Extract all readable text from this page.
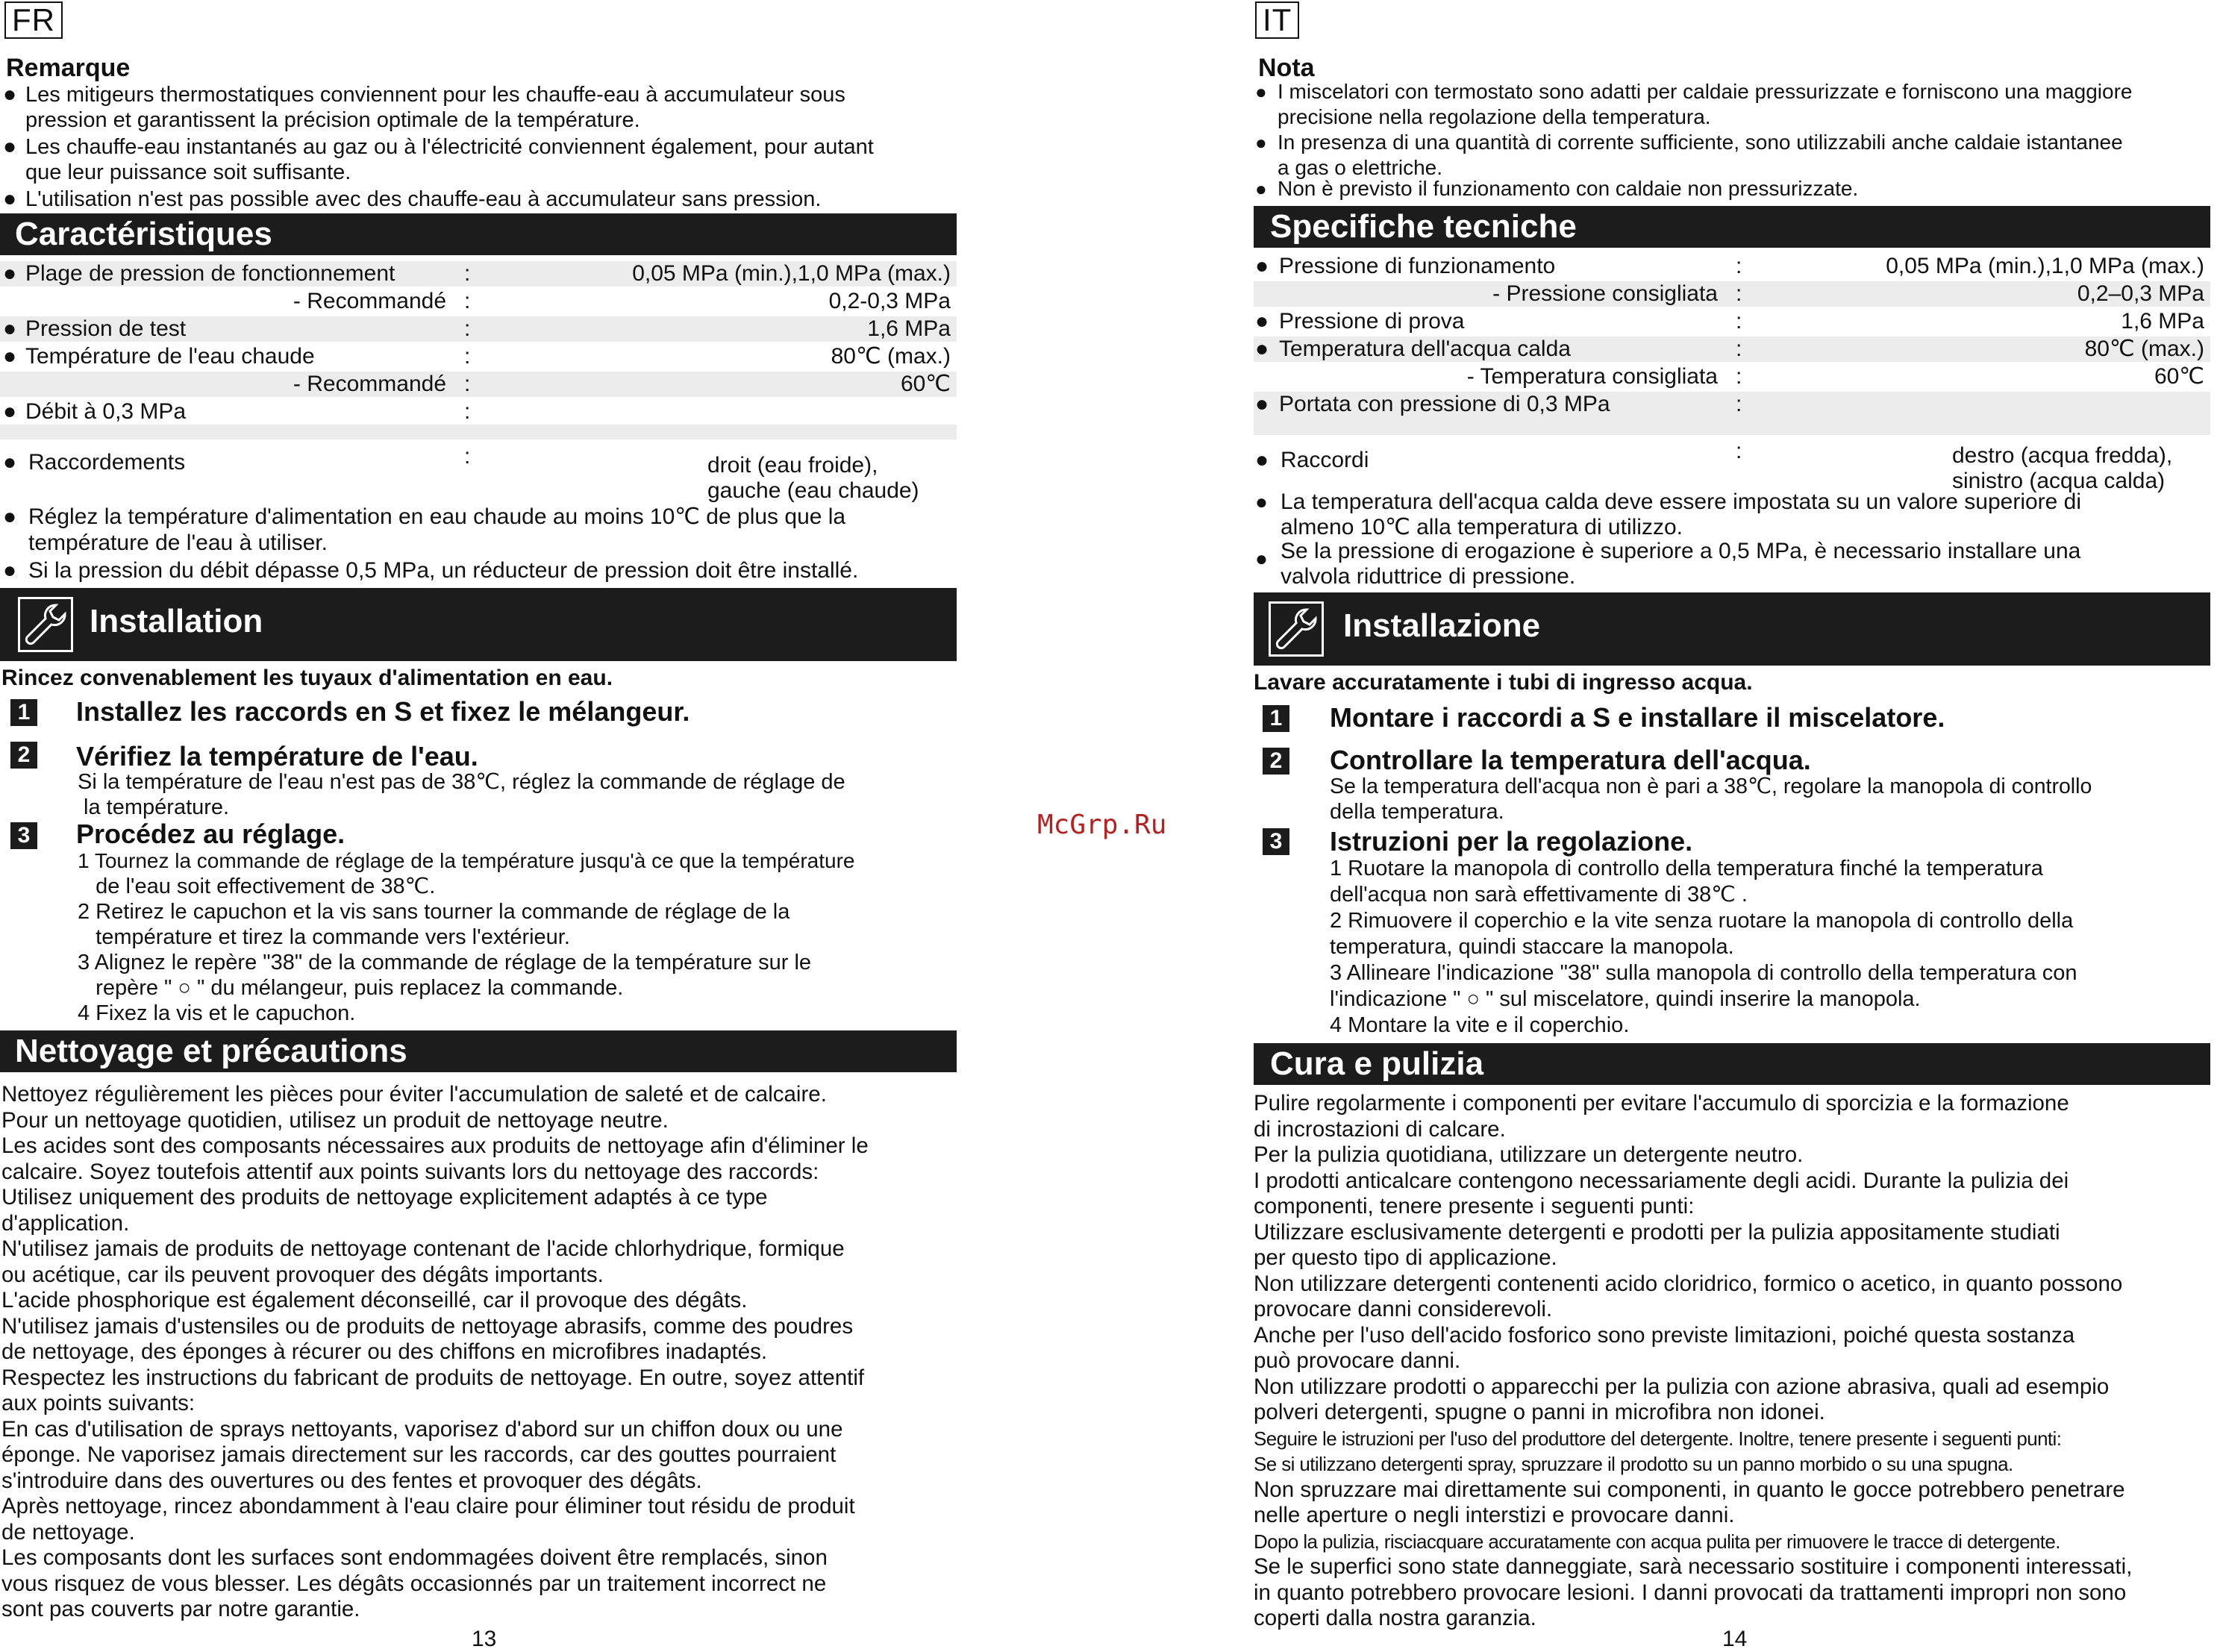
FR
Remarque
● Les mitigeurs thermostatiques conviennent pour les chauffe-eau à accumulateur sous
pression et garantissent la précision optimale de la température.
● Les chauffe-eau instantanés au gaz ou à l'électricité conviennent également, pour autant
que leur puissance soit suffisante.
● L'utilisation n'est pas possible avec des chauffe-eau à accumulateur sans pression.
Caractéristiques
● Plage de pression de fonctionnement	:	0,05 MPa (min.),1,0 MPa (max.)
- Recommandé :	0,2-0,3 MPa
● Pression de test	:	1,6 MPa
● Température de l'eau chaude	:	80℃ (max.)
- Recommandé :	60℃
● Débit à 0,3 MPa	:
● Raccordements	:	droit (eau froide),
gauche (eau chaude)
● Réglez la température d'alimentation en eau chaude au moins 10℃ de plus que la
température de l'eau à utiliser.
● Si la pression du débit dépasse 0,5 MPa, un réducteur de pression doit être installé.
Installation
Rincez convenablement les tuyaux d'alimentation en eau.
1 Installez les raccords en S et fixez le mélangeur.
2 Vérifiez la température de l'eau.
Si la température de l'eau n'est pas de 38℃, réglez la commande de réglage de
la température.
3 Procédez au réglage.
1 Tournez la commande de réglage de la température jusqu'à ce que la température
de l'eau soit effectivement de 38℃.
2 Retirez le capuchon et la vis sans tourner la commande de réglage de la
température et tirez la commande vers l'extérieur.
3 Alignez le repère "38" de la commande de réglage de la température sur le
repère " ○ " du mélangeur, puis replacez la commande.
4 Fixez la vis et le capuchon.
Nettoyage et précautions
Nettoyez régulièrement les pièces pour éviter l'accumulation de saleté et de calcaire.
Pour un nettoyage quotidien, utilisez un produit de nettoyage neutre.
Les acides sont des composants nécessaires aux produits de nettoyage afin d'éliminer le
calcaire. Soyez toutefois attentif aux points suivants lors du nettoyage des raccords:
Utilisez uniquement des produits de nettoyage explicitement adaptés à ce type
d'application.
N'utilisez jamais de produits de nettoyage contenant de l'acide chlorhydrique, formique
ou acétique, car ils peuvent provoquer des dégâts importants.
L'acide phosphorique est également déconseillé, car il provoque des dégâts.
N'utilisez jamais d'ustensiles ou de produits de nettoyage abrasifs, comme des poudres
de nettoyage, des éponges à récurer ou des chiffons en microfibres inadaptés.
Respectez les instructions du fabricant de produits de nettoyage. En outre, soyez attentif
aux points suivants:
En cas d'utilisation de sprays nettoyants, vaporisez d'abord sur un chiffon doux ou une
éponge. Ne vaporisez jamais directement sur les raccords, car des gouttes pourraient
s'introduire dans des ouvertures ou des fentes et provoquer des dégâts.
Après nettoyage, rincez abondamment à l'eau claire pour éliminer tout résidu de produit
de nettoyage.
Les composants dont les surfaces sont endommagées doivent être remplacés, sinon
vous risquez de vous blesser. Les dégâts occasionnés par un traitement incorrect ne
sont pas couverts par notre garantie.
13
McGrp.Ru
IT
Nota
● I miscelatori con termostato sono adatti per caldaie pressurizzate e forniscono una maggiore
precisione nella regolazione della temperatura.
● In presenza di una quantità di corrente sufficiente, sono utilizzabili anche caldaie istantanee
a gas o elettriche.
● Non è previsto il funzionamento con caldaie non pressurizzate.
Specifiche tecniche
● Pressione di funzionamento	:	0,05 MPa (min.),1,0 MPa (max.)
- Pressione consigliata :	0,2–0,3 MPa
● Pressione di prova	:	1,6 MPa
● Temperatura dell'acqua calda	:	80℃ (max.)
- Temperatura consigliata :	60℃
● Portata con pressione di 0,3 MPa	:
● Raccordi	:	destro (acqua fredda),
sinistro (acqua calda)
● La temperatura dell'acqua calda deve essere impostata su un valore superiore di
almeno 10℃ alla temperatura di utilizzo.
● Se la pressione di erogazione è superiore a 0,5 MPa, è necessario installare una
valvola riduttrice di pressione.
Installazione
Lavare accuratamente i tubi di ingresso acqua.
1 Montare i raccordi a S e installare il miscelatore.
2 Controllare la temperatura dell'acqua.
Se la temperatura dell'acqua non è pari a 38℃, regolare la manopola di controllo
della temperatura.
3 Istruzioni per la regolazione.
1 Ruotare la manopola di controllo della temperatura finché la temperatura
dell'acqua non sarà effettivamente di 38℃ .
2 Rimuovere il coperchio e la vite senza ruotare la manopola di controllo della
temperatura, quindi staccare la manopola.
3 Allineare l'indicazione "38" sulla manopola di controllo della temperatura con
l'indicazione " ○ " sul miscelatore, quindi inserire la manopola.
4 Montare la vite e il coperchio.
Cura e pulizia
Pulire regolarmente i componenti per evitare l'accumulo di sporcizia e la formazione
di incrostazioni di calcare.
Per la pulizia quotidiana, utilizzare un detergente neutro.
I prodotti anticalcare contengono necessariamente degli acidi. Durante la pulizia dei
componenti, tenere presente i seguenti punti:
Utilizzare esclusivamente detergenti e prodotti per la pulizia appositamente studiati
per questo tipo di applicazione.
Non utilizzare detergenti contenenti acido cloridrico, formico o acetico, in quanto possono
provocare danni considerevoli.
Anche per l'uso dell'acido fosforico sono previste limitazioni, poiché questa sostanza
può provocare danni.
Non utilizzare prodotti o apparecchi per la pulizia con azione abrasiva, quali ad esempio
polveri detergenti, spugne o panni in microfibra non idonei.
Seguire le istruzioni per l'uso del produttore del detergente. Inoltre, tenere presente i seguenti punti:
Se si utilizzano detergenti spray, spruzzare il prodotto su un panno morbido o su una spugna.
Non spruzzare mai direttamente sui componenti, in quanto le gocce potrebbero penetrare
nelle aperture o negli interstizi e provocare danni.
Dopo la pulizia, risciacquare accuratamente con acqua pulita per rimuovere le tracce di detergente.
Se le superfici sono state danneggiate, sarà necessario sostituire i componenti interessati,
in quanto potrebbero provocare lesioni. I danni provocati da trattamenti impropri non sono
coperti dalla nostra garanzia.
14
